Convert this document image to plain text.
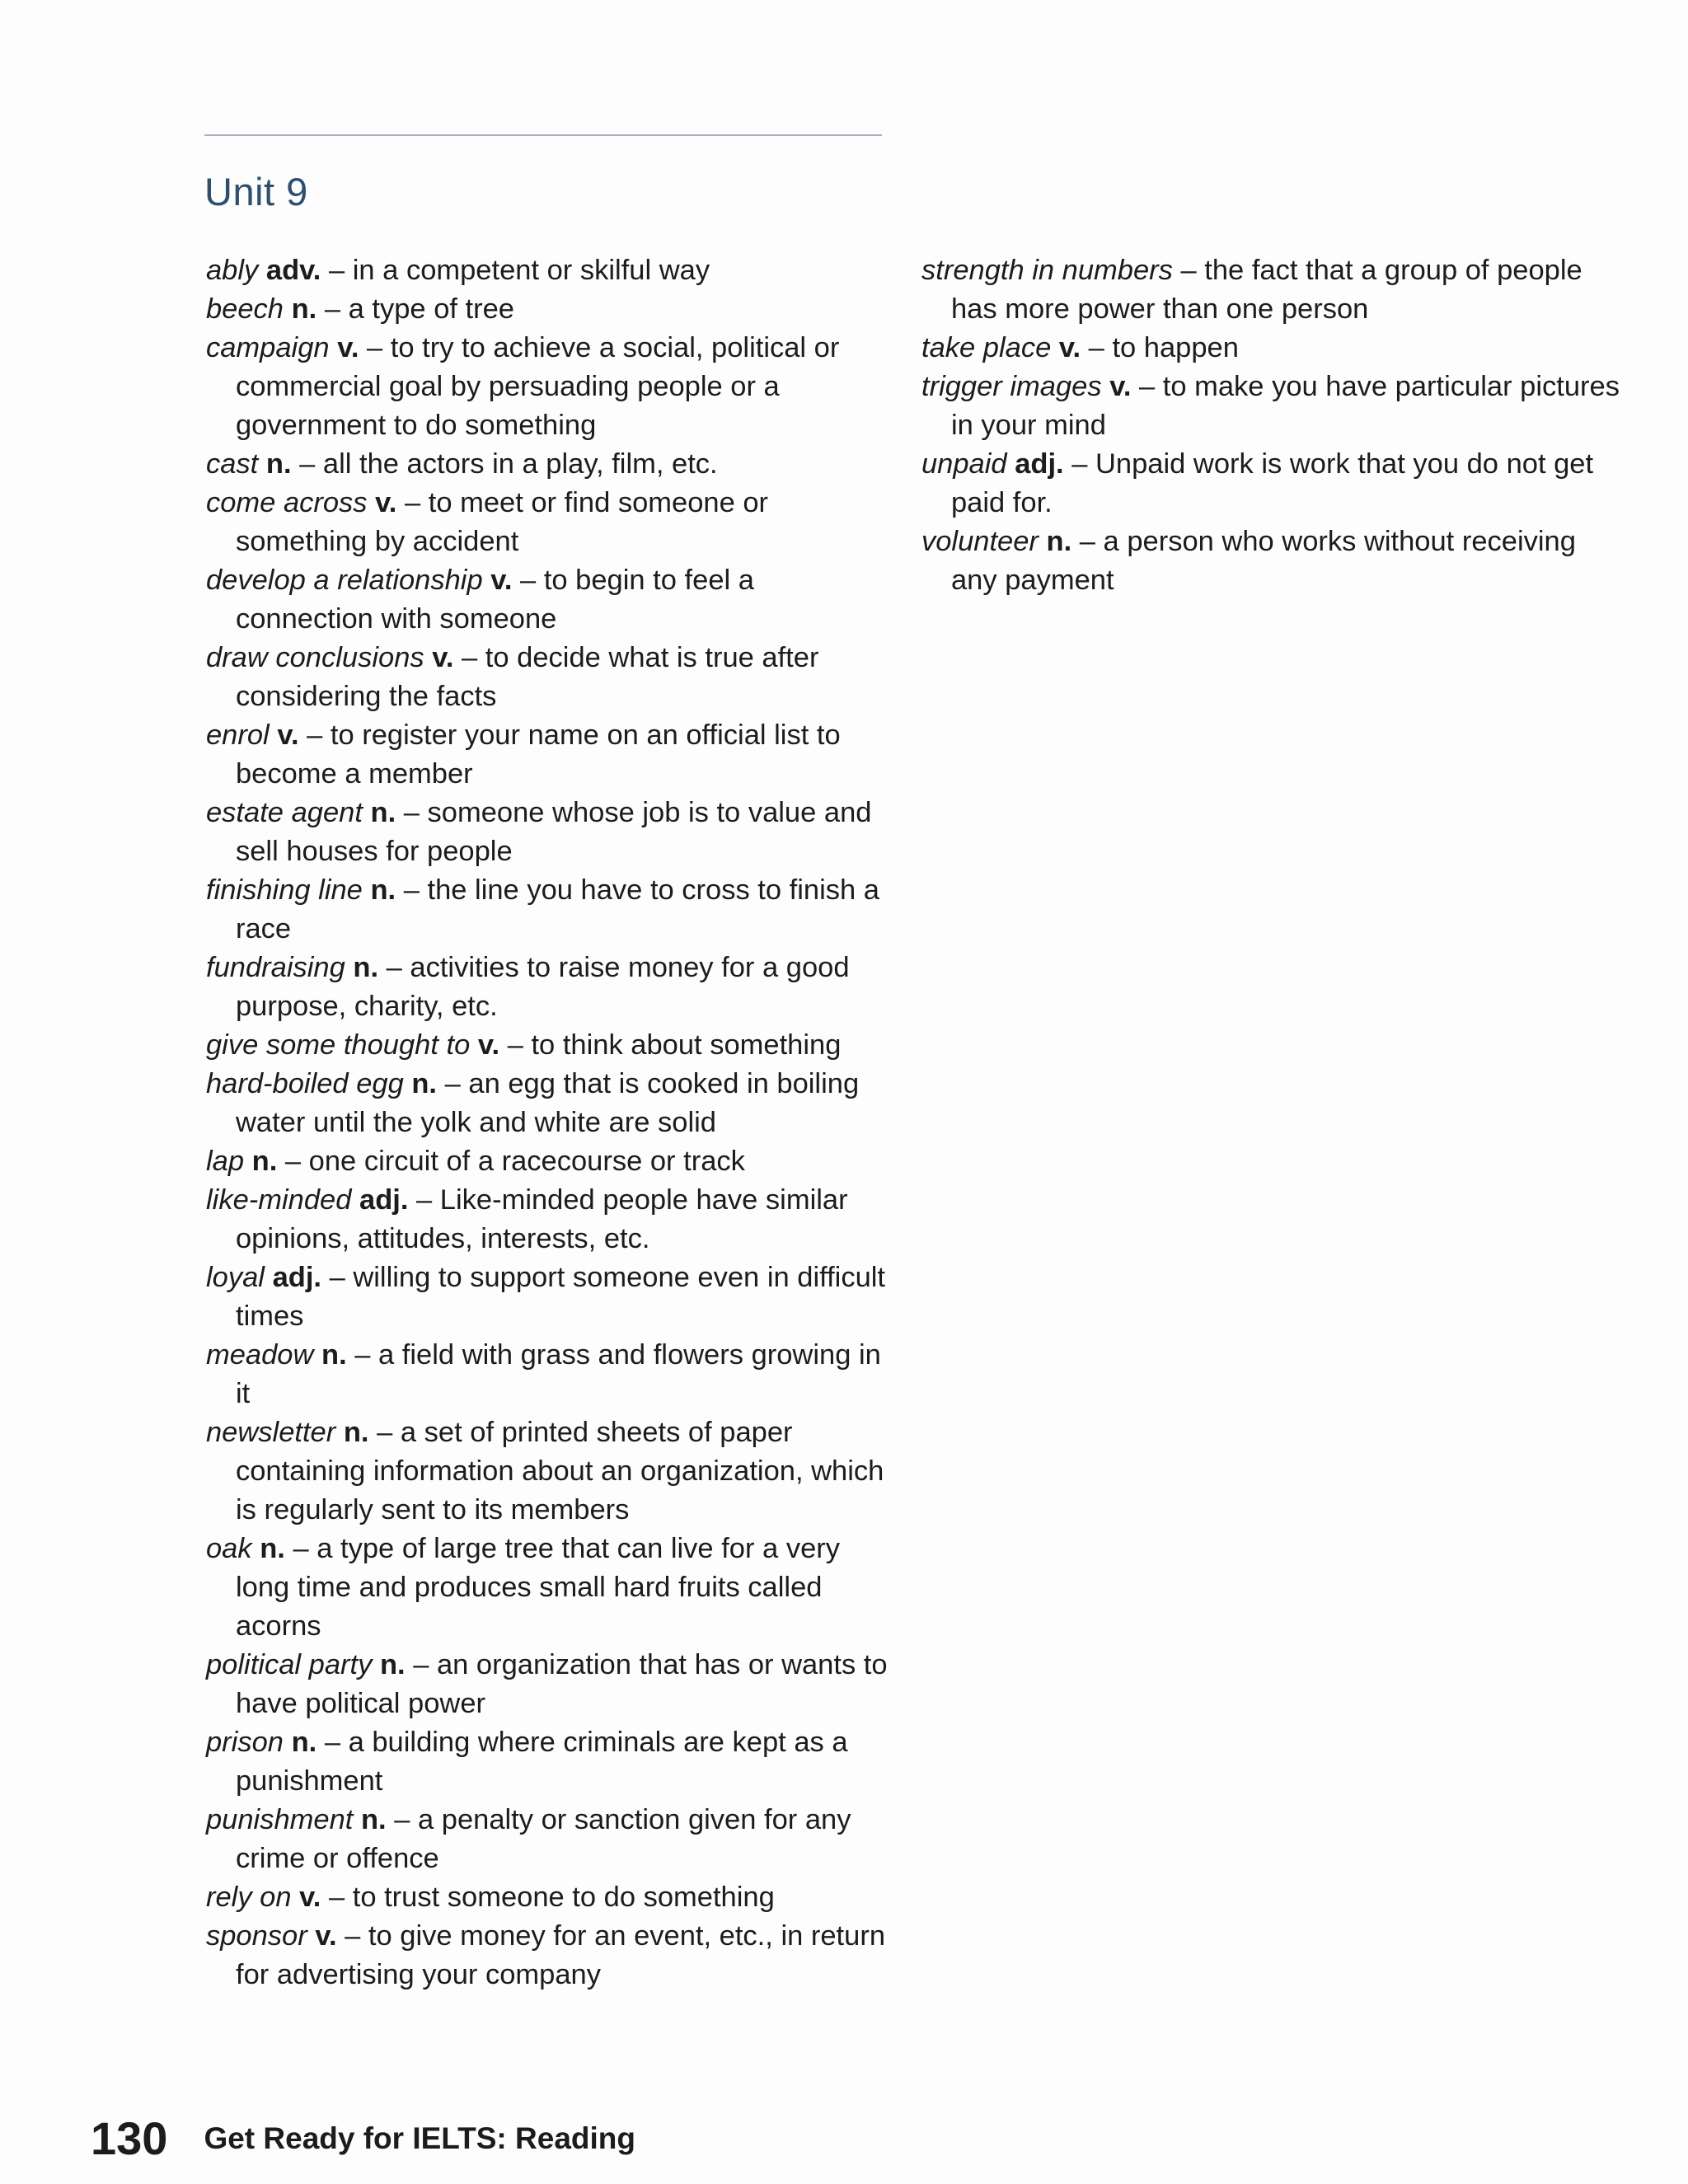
Unit 9

ably adv. – in a competent or skilful way

beech n. – a type of tree

campaign v. – to try to achieve a social, political or commercial goal by persuading people or a government to do something

cast n. – all the actors in a play, film, etc.

come across v. – to meet or find someone or something by accident

develop a relationship v. – to begin to feel a connection with someone

draw conclusions v. – to decide what is true after considering the facts

enrol v. – to register your name on an official list to become a member

estate agent n. – someone whose job is to value and sell houses for people

finishing line n. – the line you have to cross to finish a race

fundraising n. – activities to raise money for a good purpose, charity, etc.

give some thought to v. – to think about something

hard-boiled egg n. – an egg that is cooked in boiling water until the yolk and white are solid

lap n. – one circuit of a racecourse or track

like-minded adj. – Like-minded people have similar opinions, attitudes, interests, etc.

loyal adj. – willing to support someone even in difficult times

meadow n. – a field with grass and flowers growing in it

newsletter n. – a set of printed sheets of paper containing information about an organization, which is regularly sent to its members

oak n. – a type of large tree that can live for a very long time and produces small hard fruits called acorns

political party n. – an organization that has or wants to have political power

prison n. – a building where criminals are kept as a punishment

punishment n. – a penalty or sanction given for any crime or offence

rely on v. – to trust someone to do something

sponsor v. – to give money for an event, etc., in return for advertising your company

strength in numbers – the fact that a group of people has more power than one person

take place v. – to happen

trigger images v. – to make you have particular pictures in your mind

unpaid adj. – Unpaid work is work that you do not get paid for.

volunteer n. – a person who works without receiving any payment

130 Get Ready for IELTS: Reading
